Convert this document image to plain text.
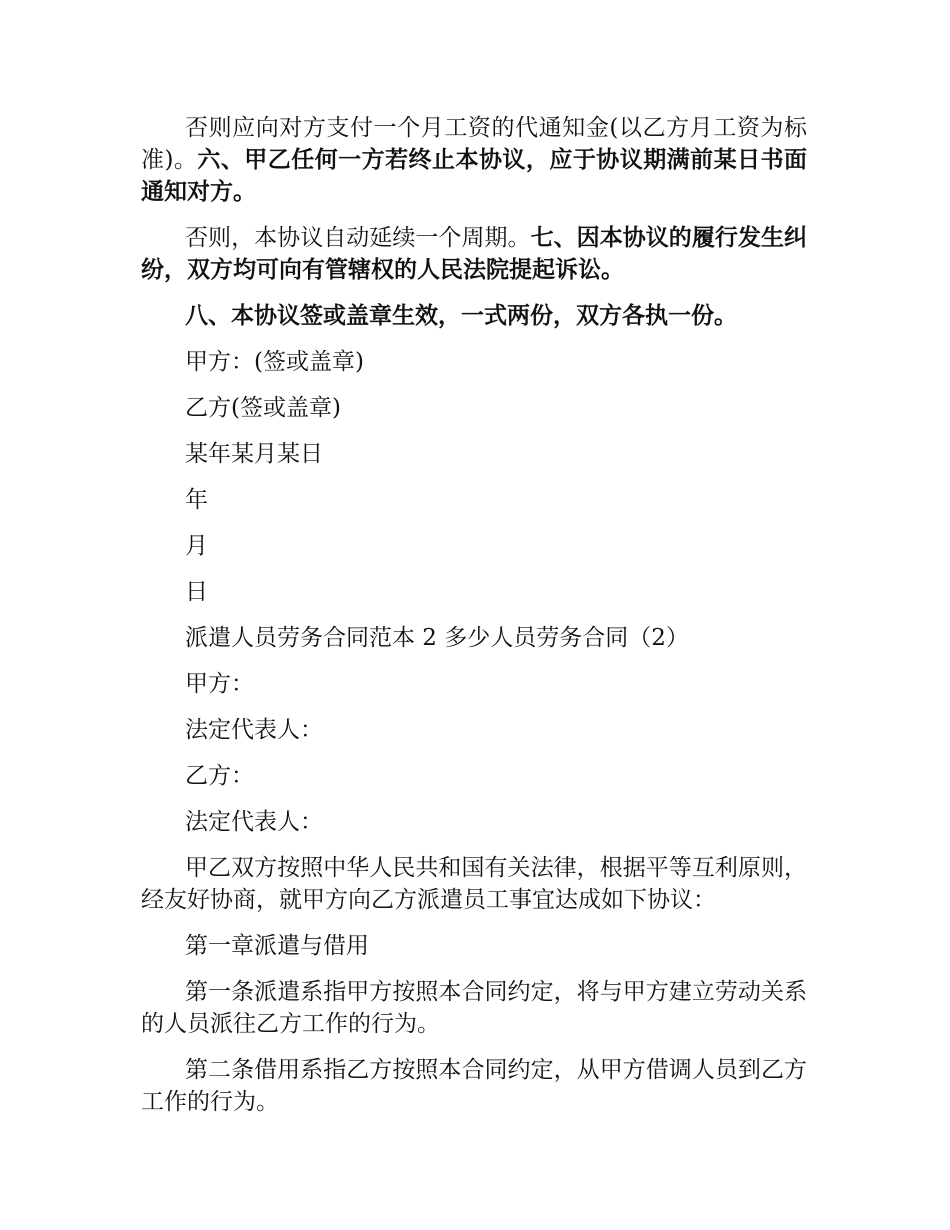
否则应向对方支付一个月工资的代通知金(以乙方月工资为标准)。六、甲乙任何一方若终止本协议，应于协议期满前某日书面通知对方。

否则，本协议自动延续一个周期。七、因本协议的履行发生纠纷，双方均可向有管辖权的人民法院提起诉讼。

八、本协议签或盖章生效，一式两份，双方各执一份。

甲方：(签或盖章)

乙方(签或盖章)

某年某月某日

年

月

日

派遣人员劳务合同范本 2 多少人员劳务合同（2）

甲方：

法定代表人：

乙方：

法定代表人：

甲乙双方按照中华人民共和国有关法律，根据平等互利原则，经友好协商，就甲方向乙方派遣员工事宜达成如下协议：

第一章派遣与借用

第一条派遣系指甲方按照本合同约定，将与甲方建立劳动关系的人员派往乙方工作的行为。

第二条借用系指乙方按照本合同约定，从甲方借调人员到乙方工作的行为。
